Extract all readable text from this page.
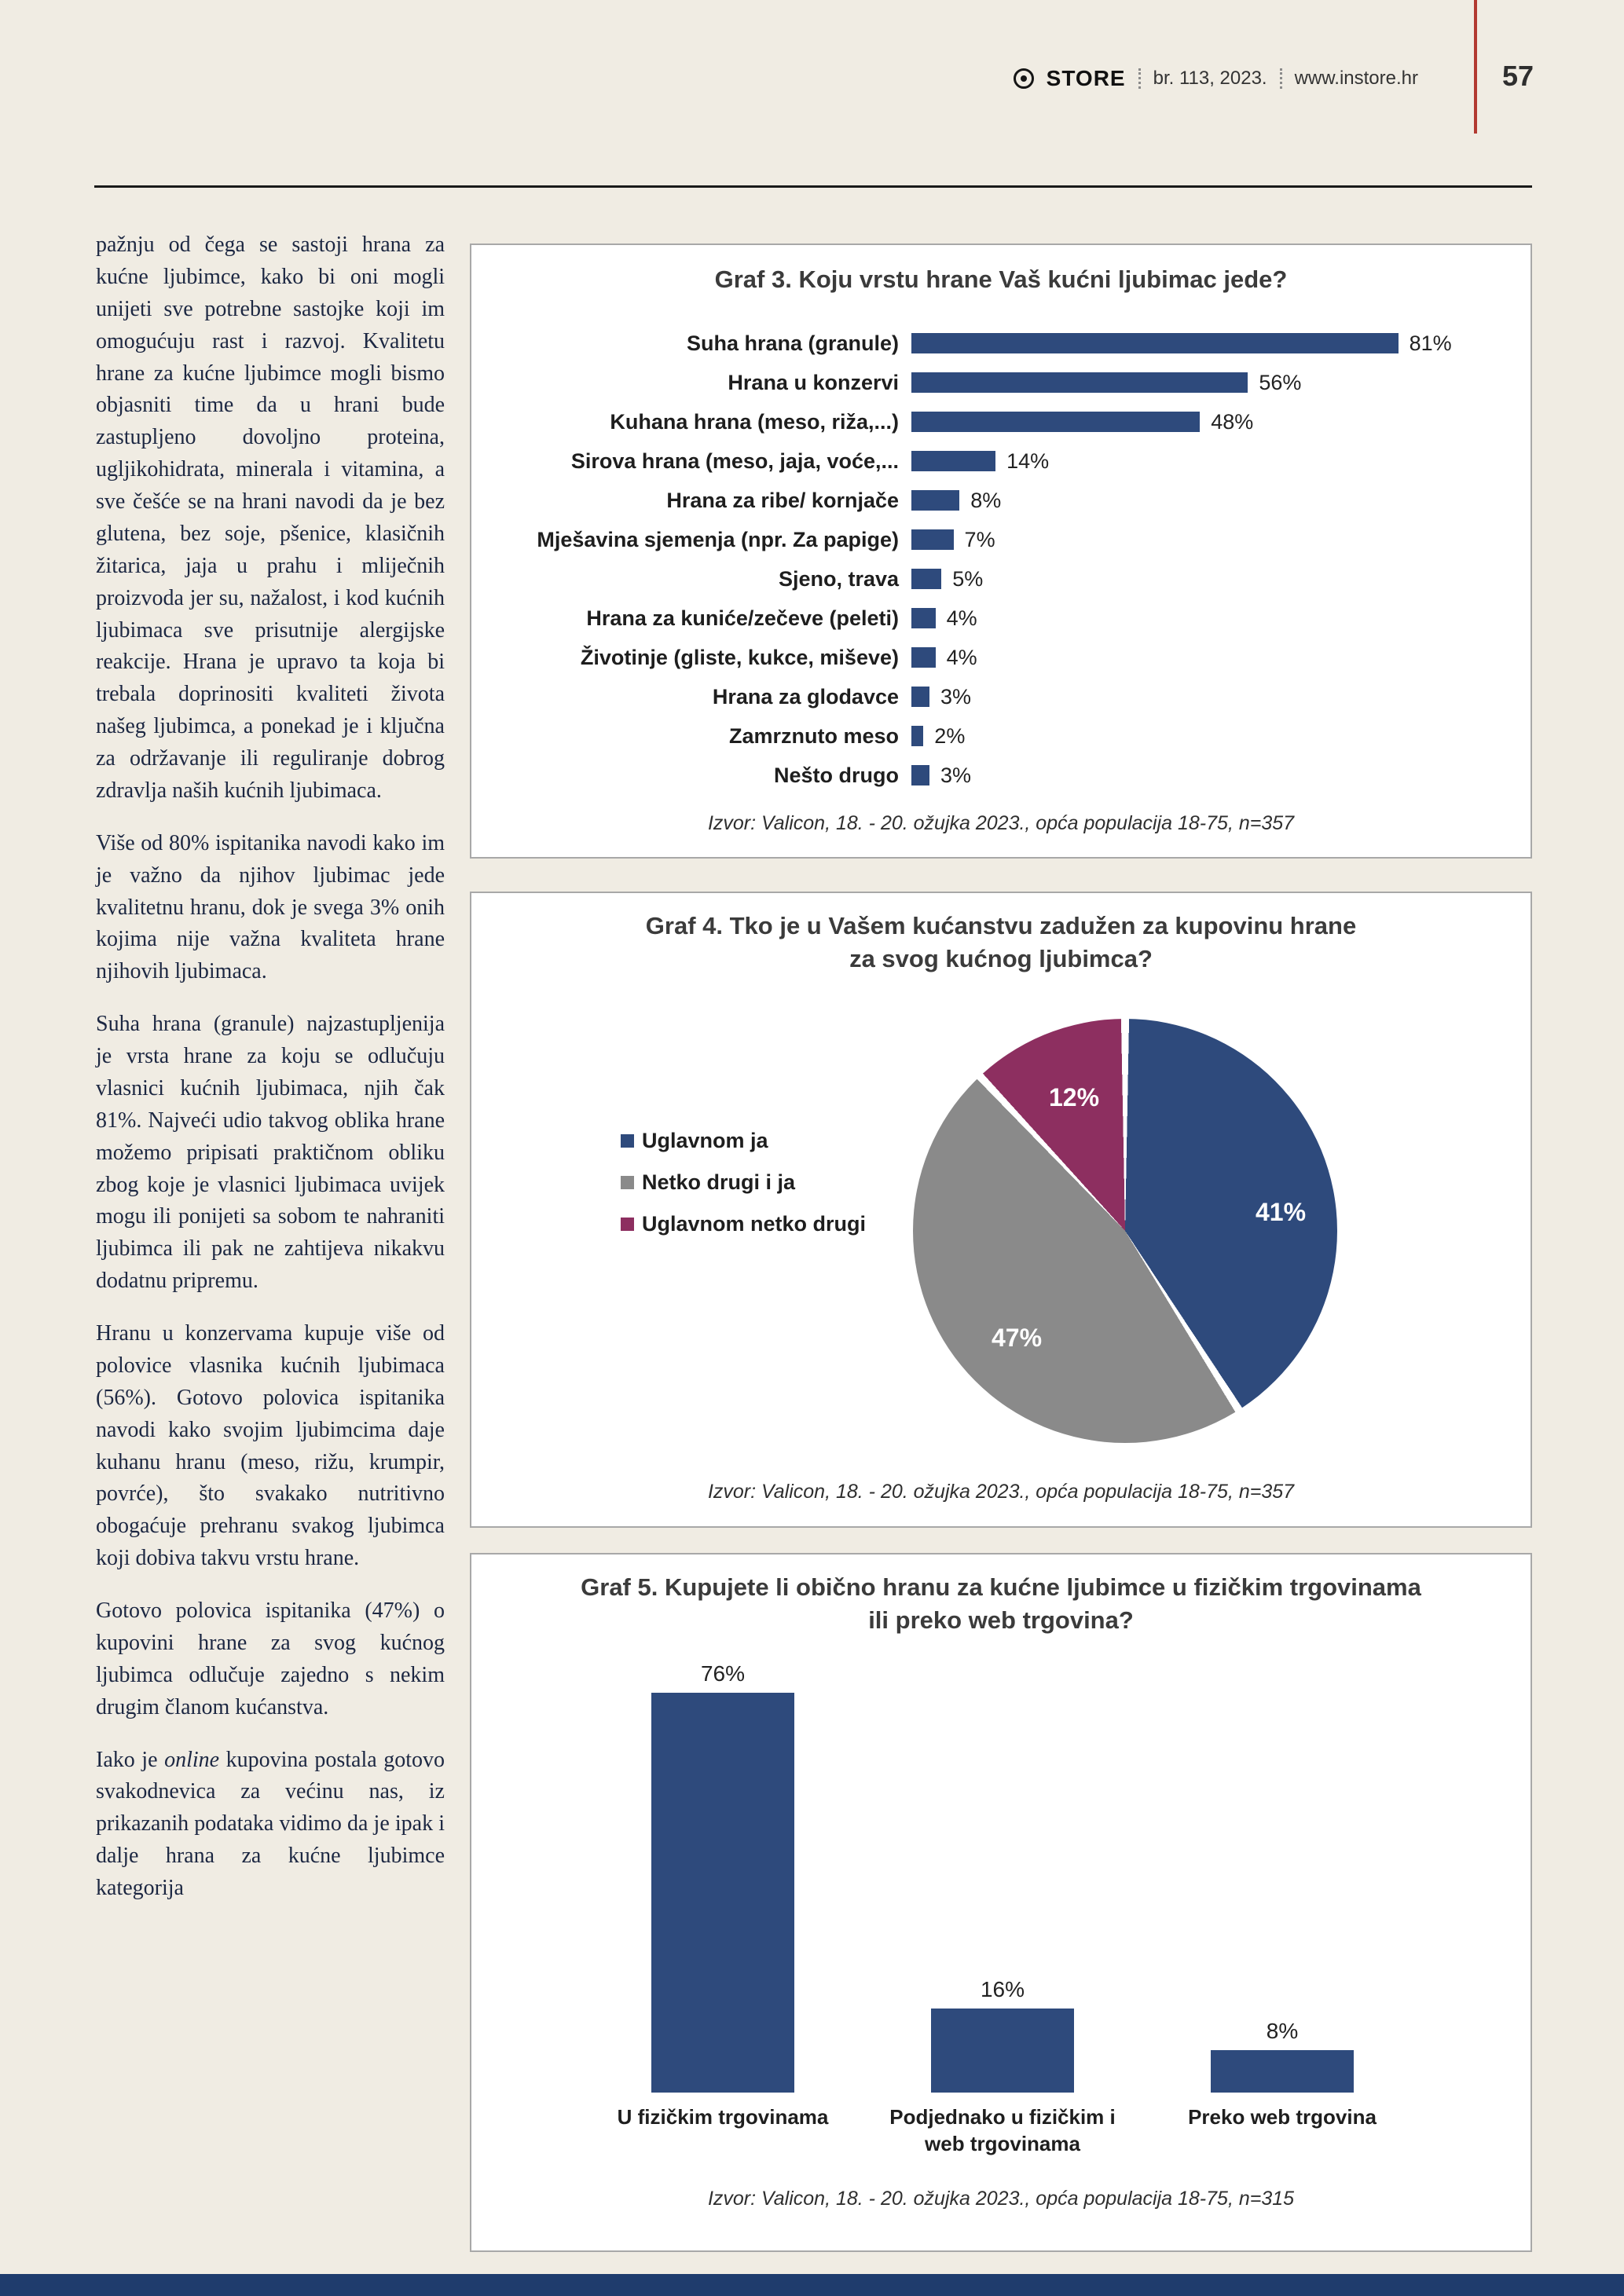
STORE br. 113, 2023. www.instore.hr	57

pažnju od čega se sastoji hrana za kućne ljubimce, kako bi oni mogli unijeti sve potrebne sastojke koji im omogućuju rast i razvoj. Kvalitetu hrane za kućne ljubimce mogli bismo objasniti time da u hrani bude zastupljeno dovoljno proteina, ugljikohidrata, minerala i vitamina, a sve češće se na hrani navodi da je bez glutena, bez soje, pšenice, klasičnih žitarica, jaja u prahu i mliječnih proizvoda jer su, nažalost, i kod kućnih ljubimaca sve prisutnije alergijske reakcije. Hrana je upravo ta koja bi trebala doprinositi kvaliteti života našeg ljubimca, a ponekad je i ključna za održavanje ili reguliranje dobrog zdravlja naših kućnih ljubimaca.

Više od 80% ispitanika navodi kako im je važno da njihov ljubimac jede kvalitetnu hranu, dok je svega 3% onih kojima nije važna kvaliteta hrane njihovih ljubimaca.

Suha hrana (granule) najzastupljenija je vrsta hrane za koju se odlučuju vlasnici kućnih ljubimaca, njih čak 81%. Najveći udio takvog oblika hrane možemo pripisati praktičnom obliku zbog koje je vlasnici ljubimaca uvijek mogu ili ponijeti sa sobom te nahraniti ljubimca ili pak ne zahtijeva nikakvu dodatnu pripremu.

Hranu u konzervama kupuje više od polovice vlasnika kućnih ljubimaca (56%). Gotovo polovica ispitanika navodi kako svojim ljubimcima daje kuhanu hranu (meso, rižu, krumpir, povrće), što svakako nutritivno obogaćuje prehranu svakog ljubimca koji dobiva takvu vrstu hrane.

Gotovo polovica ispitanika (47%) o kupovini hrane za svog kućnog ljubimca odlučuje zajedno s nekim drugim članom kućanstva.

Iako je online kupovina postala gotovo svakodnevica za većinu nas, iz prikazanih podataka vidimo da je ipak i dalje hrana za kućne ljubimce kategorija

Graf 3. Koju vrstu hrane Vaš kućni ljubimac jede?
Suha hrana (granule)	81%
Hrana u konzervi	56%
Kuhana hrana (meso, riža,...)	48%
Sirova hrana (meso, jaja, voće,...	14%
Hrana za ribe/ kornjače	8%
Mješavina sjemenja (npr. Za papige)	7%
Sjeno, trava	5%
Hrana za kuniće/zečeve (peleti)	4%
Životinje (gliste, kukce, miševe)	4%
Hrana za glodavce	3%
Zamrznuto meso	2%
Nešto drugo	3%
Izvor: Valicon, 18. - 20. ožujka 2023., opća populacija 18-75, n=357
Graf 4. Tko je u Vašem kućanstvu zadužen za kupovinu hrane
za svog kućnog ljubimca?
Uglavnom ja
Netko drugi i ja
Uglavnom netko drugi	41%
47%
12%
Izvor: Valicon, 18. - 20. ožujka 2023., opća populacija 18-75, n=357
Graf 5. Kupujete li obično hranu za kućne ljubimce u fizičkim trgovinama
ili preko web trgovina?
76%
16%
8%
U fizičkim trgovinama	Podjednako u fizičkim i web trgovinama
Preko web trgovina
Izvor: Valicon, 18. - 20. ožujka 2023., opća populacija 18-75, n=315
